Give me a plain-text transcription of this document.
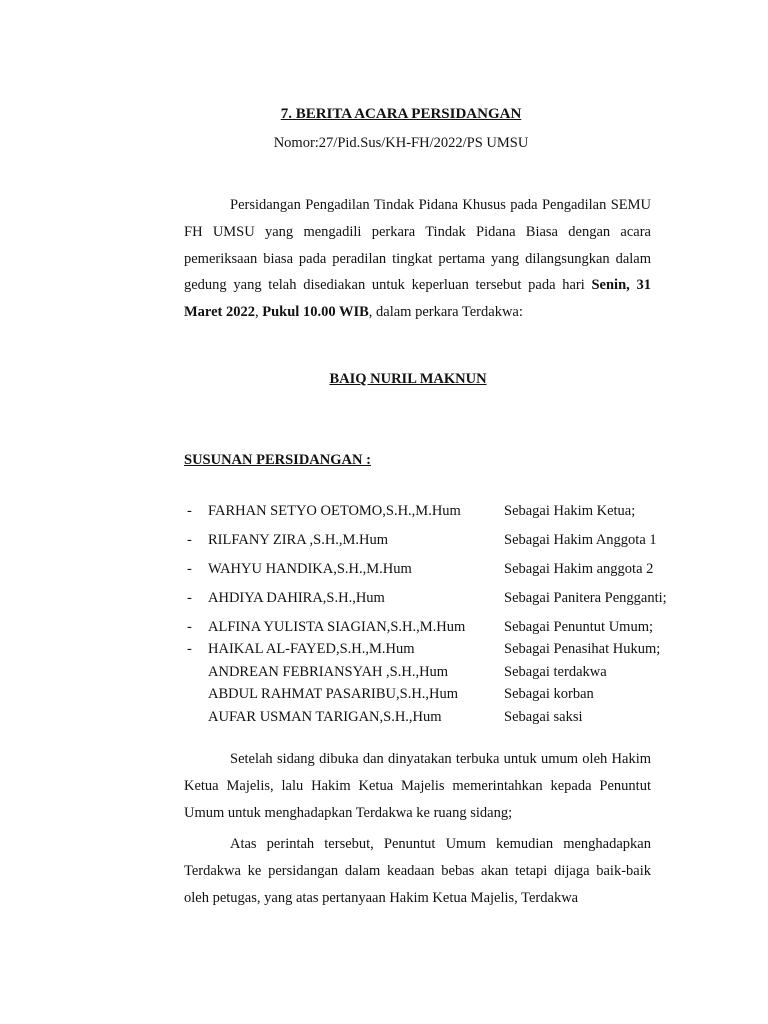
7. BERITA ACARA PERSIDANGAN

Nomor:27/Pid.Sus/KH-FH/2022/PS UMSU

Persidangan Pengadilan Tindak Pidana Khusus pada Pengadilan SEMU FH UMSU yang mengadili perkara Tindak Pidana Biasa dengan acara pemeriksaan biasa pada peradilan tingkat pertama yang dilangsungkan dalam gedung yang telah disediakan untuk keperluan tersebut pada hari Senin, 31 Maret 2022, Pukul 10.00 WIB, dalam perkara Terdakwa:

BAIQ NURIL MAKNUN

SUSUNAN PERSIDANGAN :

- FARHAN SETYO OETOMO,S.H.,M.Hum	Sebagai Hakim Ketua;
- RILFANY ZIRA ,S.H.,M.Hum	Sebagai Hakim Anggota 1
- WAHYU HANDIKA,S.H.,M.Hum	Sebagai Hakim anggota 2
- AHDIYA DAHIRA,S.H.,Hum	Sebagai Panitera Pengganti;
- ALFINA YULISTA SIAGIAN,S.H.,M.Hum	Sebagai Penuntut Umum;
- HAIKAL AL-FAYED,S.H.,M.Hum	Sebagai Penasihat Hukum;
ANDREAN FEBRIANSYAH ,S.H.,Hum	Sebagai terdakwa
ABDUL RAHMAT PASARIBU,S.H.,Hum	Sebagai korban
AUFAR USMAN TARIGAN,S.H.,Hum	Sebagai saksi

Setelah sidang dibuka dan dinyatakan terbuka untuk umum oleh Hakim Ketua Majelis, lalu Hakim Ketua Majelis memerintahkan kepada Penuntut Umum untuk menghadapkan Terdakwa ke ruang sidang;

Atas perintah tersebut, Penuntut Umum kemudian menghadapkan Terdakwa ke persidangan dalam keadaan bebas akan tetapi dijaga baik-baik oleh petugas, yang atas pertanyaan Hakim Ketua Majelis, Terdakwa
